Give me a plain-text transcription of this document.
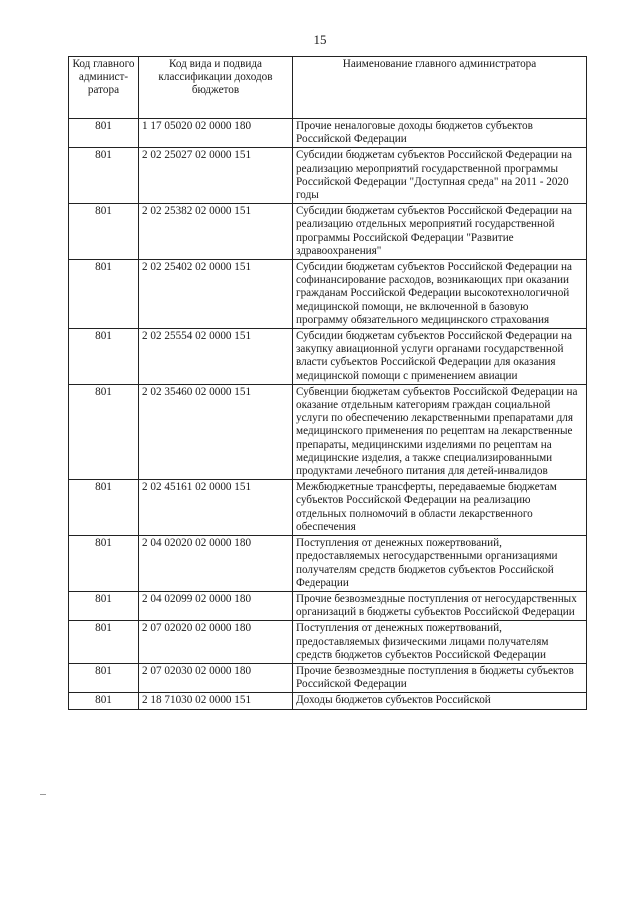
15
Код главного админист-ратора	Код вида и подвида классификации доходов бюджетов	Наименование главного администратора
801	1 17 05020 02 0000 180	Прочие неналоговые доходы бюджетов субъектов Российской Федерации
801	2 02 25027 02 0000 151	Субсидии бюджетам субъектов Российской Федерации на реализацию мероприятий государственной программы Российской Федерации "Доступная среда" на 2011 - 2020 годы
801	2 02 25382 02 0000 151	Субсидии бюджетам субъектов Российской Федерации на реализацию отдельных мероприятий государственной программы Российской Федерации "Развитие здравоохранения"
801	2 02 25402 02 0000 151	Субсидии бюджетам субъектов Российской Федерации на софинансирование расходов, возникающих при оказании гражданам Российской Федерации высокотехнологичной медицинской помощи, не включенной в базовую программу обязательного медицинского страхования
801	2 02 25554 02 0000 151	Субсидии бюджетам субъектов Российской Федерации на закупку авиационной услуги органами государственной власти субъектов Российской Федерации для оказания медицинской помощи с применением авиации
801	2 02 35460 02 0000 151	Субвенции бюджетам субъектов Российской Федерации на оказание отдельным категориям граждан социальной услуги по обеспечению лекарственными препаратами для медицинского применения по рецептам на лекарственные препараты, медицинскими изделиями по рецептам на медицинские изделия, а также специализированными продуктами лечебного питания для детей-инвалидов
801	2 02 45161 02 0000 151	Межбюджетные трансферты, передаваемые бюджетам субъектов Российской Федерации на реализацию отдельных полномочий в области лекарственного обеспечения
801	2 04 02020 02 0000 180	Поступления от денежных пожертвований, предоставляемых негосударственными организациями получателям средств бюджетов субъектов Российской Федерации
801	2 04 02099 02 0000 180	Прочие безвозмездные поступления от негосударственных организаций в бюджеты субъектов Российской Федерации
801	2 07 02020 02 0000 180	Поступления от денежных пожертвований, предоставляемых физическими лицами получателям средств бюджетов субъектов Российской Федерации
801	2 07 02030 02 0000 180	Прочие безвозмездные поступления в бюджеты субъектов Российской Федерации
801	2 18 71030 02 0000 151	Доходы бюджетов субъектов Российской
